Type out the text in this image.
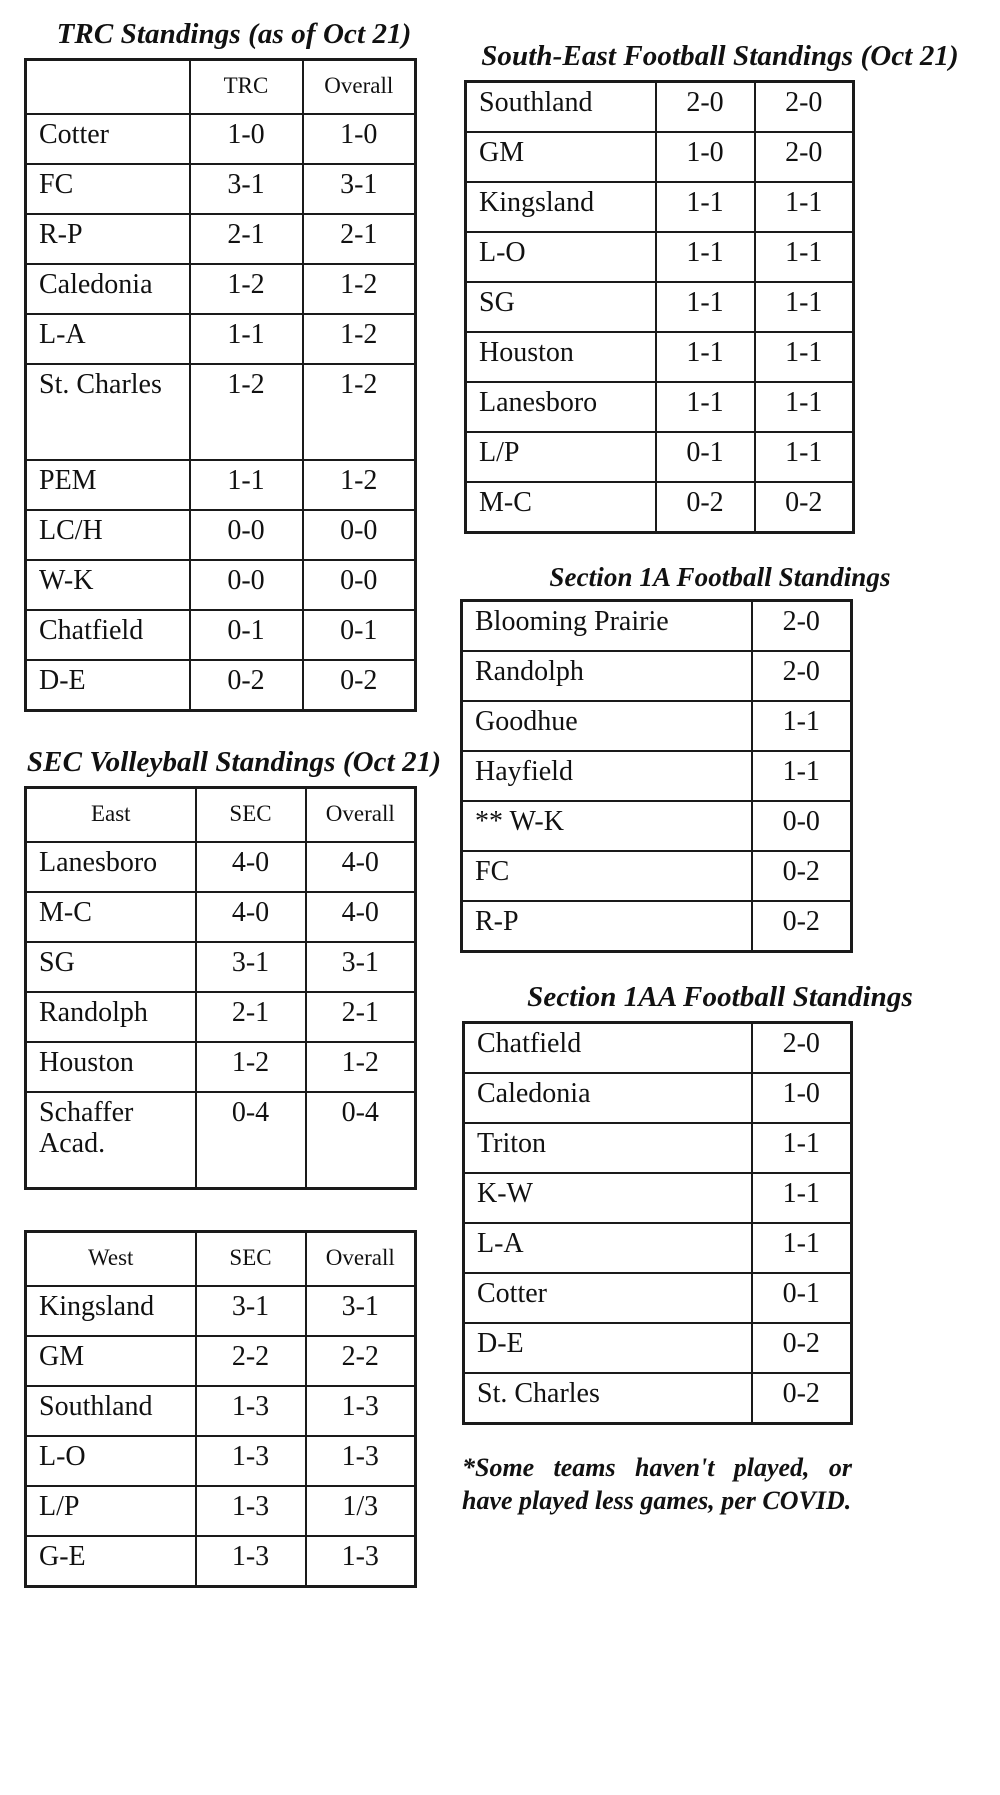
TRC Standings (as of Oct 21)
	TRC	Overall
Cotter	1-0	1-0
FC	3-1	3-1
R-P	2-1	2-1
Caledonia	1-2	1-2
L-A	1-1	1-2
St. Charles	1-2	1-2
PEM	1-1	1-2
LC/H	0-0	0-0
W-K	0-0	0-0
Chatfield	0-1	0-1
D-E	0-2	0-2
SEC Volleyball Standings (Oct 21)
East	SEC	Overall
Lanesboro	4-0	4-0
M-C	4-0	4-0
SG	3-1	3-1
Randolph	2-1	2-1
Houston	1-2	1-2
Schaffer Acad.	0-4	0-4
West	SEC	Overall
Kingsland	3-1	3-1
GM	2-2	2-2
Southland	1-3	1-3
L-O	1-3	1-3
L/P	1-3	1/3
G-E	1-3	1-3
South-East Football Standings (Oct 21)
Southland	2-0	2-0
GM	1-0	2-0
Kingsland	1-1	1-1
L-O	1-1	1-1
SG	1-1	1-1
Houston	1-1	1-1
Lanesboro	1-1	1-1
L/P	0-1	1-1
M-C	0-2	0-2
Section 1A Football Standings
Blooming Prairie	2-0
Randolph	2-0
Goodhue	1-1
Hayfield	1-1
** W-K	0-0
FC	0-2
R-P	0-2
Section 1AA Football Standings
Chatfield	2-0
Caledonia	1-0
Triton	1-1
K-W	1-1
L-A	1-1
Cotter	0-1
D-E	0-2
St. Charles	0-2
*Some teams haven't played, or have played less games, per COVID.
